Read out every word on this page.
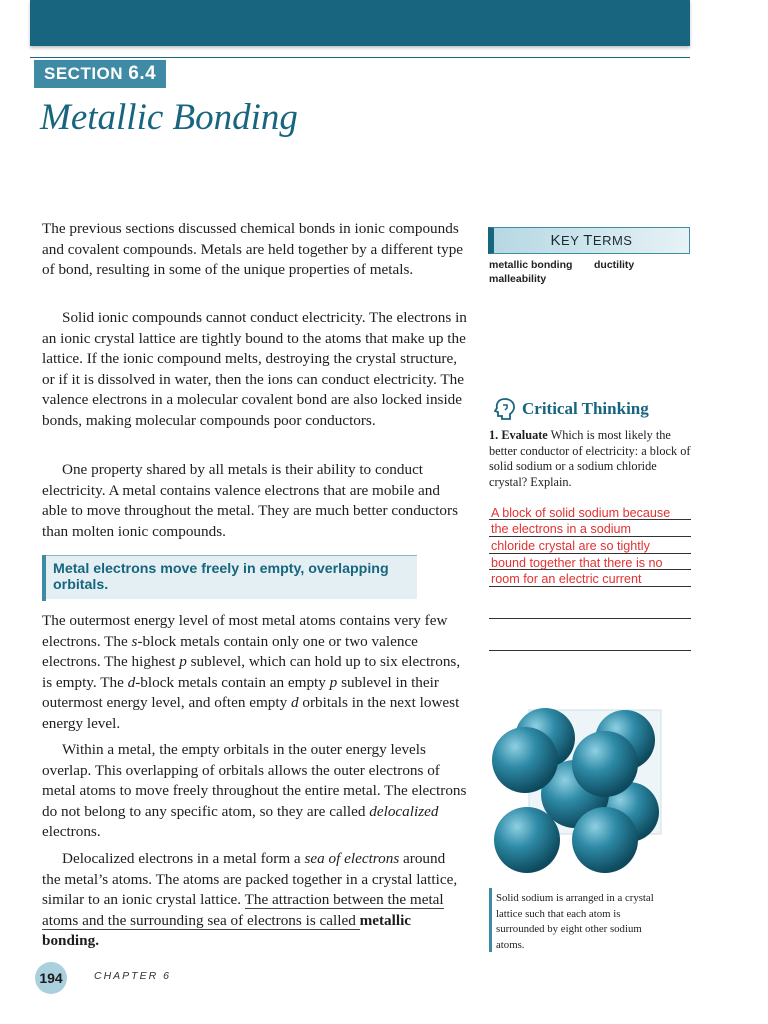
SECTION 6.4
Metallic Bonding

The previous sections discussed chemical bonds in ionic compounds and covalent compounds. Metals are held together by a different type of bond, resulting in some of the unique properties of metals.

Solid ionic compounds cannot conduct electricity. The electrons in an ionic crystal lattice are tightly bound to the atoms that make up the lattice. If the ionic compound melts, destroying the crystal structure, or if it is dissolved in water, then the ions can conduct electricity. The valence electrons in a molecular covalent bond are also locked inside bonds, making molecular compounds poor conductors.

One property shared by all metals is their ability to conduct electricity. A metal contains valence electrons that are mobile and able to move throughout the metal. They are much better conductors than molten ionic compounds.

Metal electrons move freely in empty, overlapping orbitals.

The outermost energy level of most metal atoms contains very few electrons. The s-block metals contain only one or two valence electrons. The highest p sublevel, which can hold up to six electrons, is empty. The d-block metals contain an empty p sublevel in their outermost energy level, and often empty d orbitals in the next lowest energy level.

Within a metal, the empty orbitals in the outer energy levels overlap. This overlapping of orbitals allows the outer electrons of metal atoms to move freely throughout the entire metal. The electrons do not belong to any specific atom, so they are called delocalized electrons.

Delocalized electrons in a metal form a sea of electrons around the metal’s atoms. The atoms are packed together in a crystal lattice, similar to an ionic crystal lattice. The attraction between the metal atoms and the surrounding sea of electrons is called metallic bonding.

KEY TERMS
metallic bonding ductility
malleability
Critical Thinking

1. Evaluate Which is most likely the better conductor of electricity: a block of solid sodium or a sodium chloride crystal? Explain.

A block of solid sodium because

the electrons in a sodium

chloride crystal are so tightly

bound together that there is no

room for an electric current

Solid sodium is arranged in a crystal lattice such that each atom is surrounded by eight other sodium atoms.

194	CHAPTER 6
